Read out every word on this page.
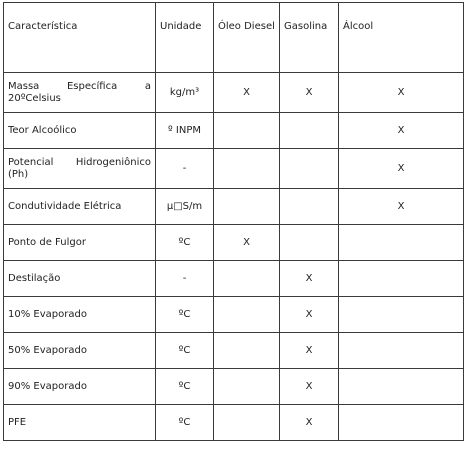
Característica	Unidade	Óleo Diesel	Gasolina	Álcool
Massa Específica a 20ºCelsius	kg/m³	X	X	X
Teor Alcoólico	º INPM			X
Potencial Hidrogeniônico (Ph)	-			X
Condutividade Elétrica	μ□S/m			X
Ponto de Fulgor	ºC	X		
Destilação	-		X	
10% Evaporado	ºC		X	
50% Evaporado	ºC		X	
90% Evaporado	ºC		X	
PFE	ºC		X	
